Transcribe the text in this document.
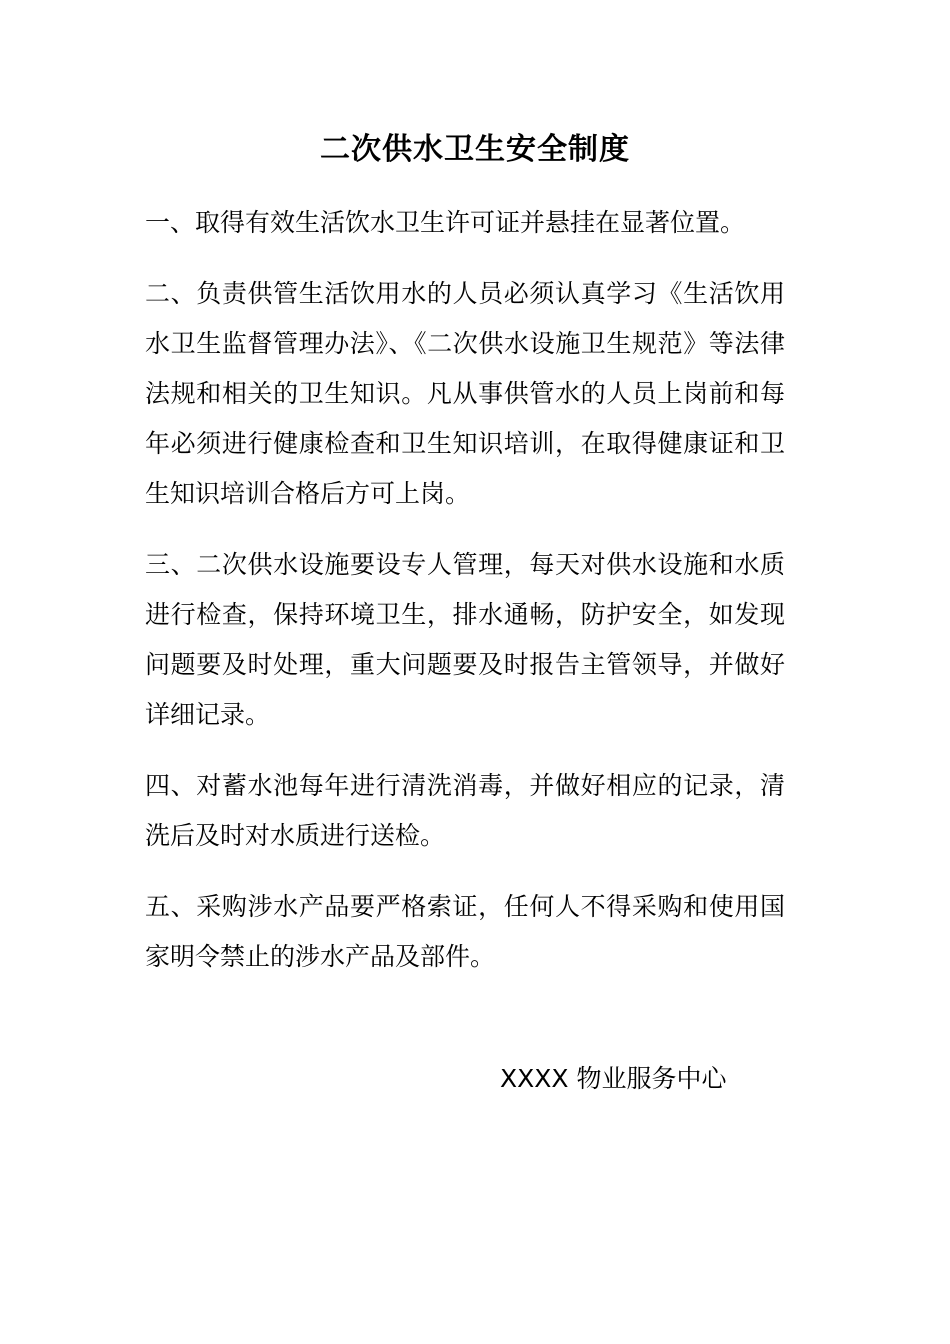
二次供水卫生安全制度

一、取得有效生活饮水卫生许可证并悬挂在显著位置。

二、负责供管生活饮用水的人员必须认真学习《生活饮用水卫生监督管理办法》、《二次供水设施卫生规范》等法律法规和相关的卫生知识。凡从事供管水的人员上岗前和每年必须进行健康检查和卫生知识培训，在取得健康证和卫生知识培训合格后方可上岗。

三、二次供水设施要设专人管理，每天对供水设施和水质进行检查，保持环境卫生，排水通畅，防护安全，如发现问题要及时处理，重大问题要及时报告主管领导，并做好详细记录。

四、对蓄水池每年进行清洗消毒，并做好相应的记录，清洗后及时对水质进行送检。

五、采购涉水产品要严格索证，任何人不得采购和使用国家明令禁止的涉水产品及部件。

XXXX 物业服务中心
